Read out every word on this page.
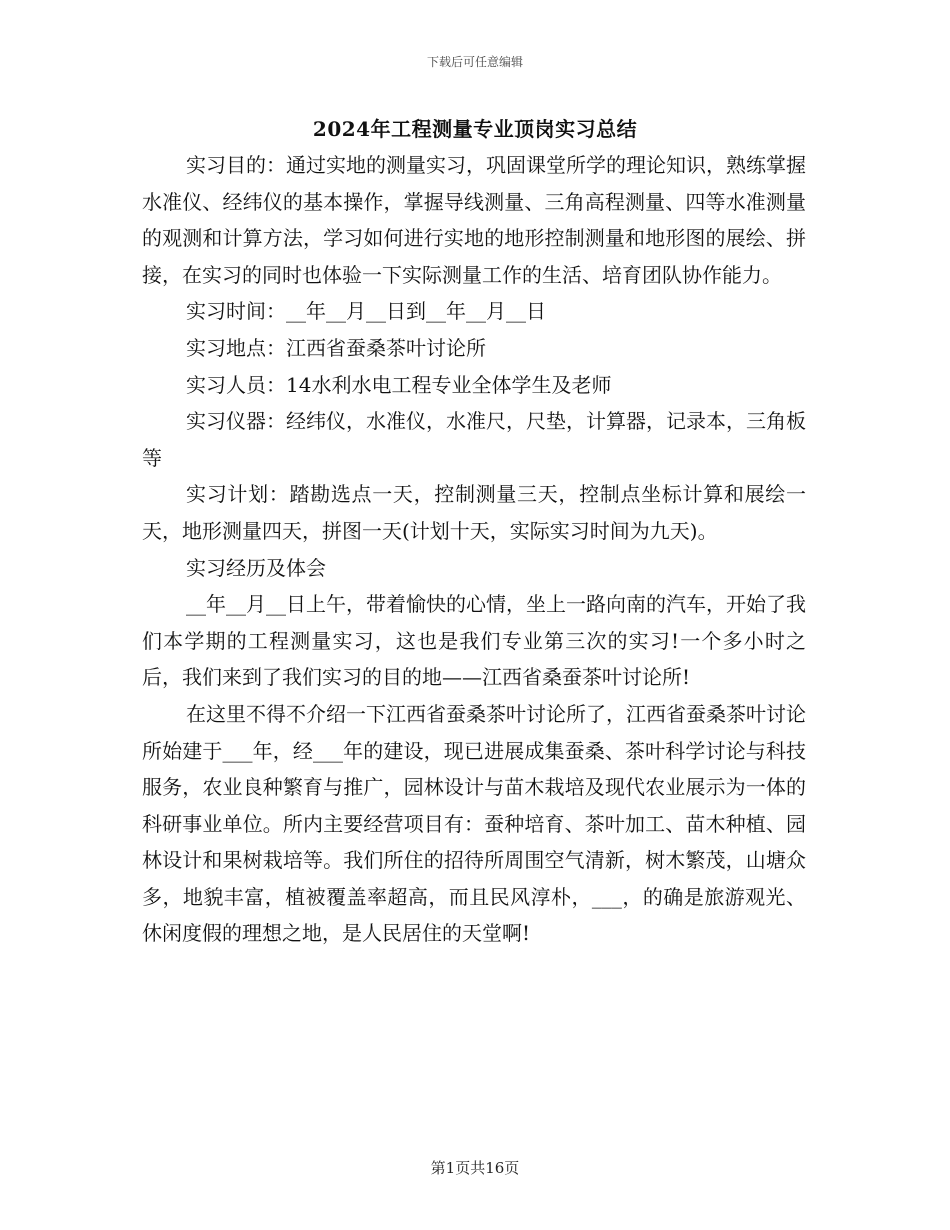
下载后可任意编辑
2024年工程测量专业顶岗实习总结

实习目的：通过实地的测量实习，巩固课堂所学的理论知识，熟练掌握水准仪、经纬仪的基本操作，掌握导线测量、三角高程测量、四等水准测量的观测和计算方法，学习如何进行实地的地形控制测量和地形图的展绘、拼接，在实习的同时也体验一下实际测量工作的生活、培育团队协作能力。

实习时间：__年__月__日到__年__月__日

实习地点：江西省蚕桑茶叶讨论所

实习人员：14水利水电工程专业全体学生及老师

实习仪器：经纬仪，水准仪，水准尺，尺垫，计算器，记录本，三角板等

实习计划：踏勘选点一天，控制测量三天，控制点坐标计算和展绘一天，地形测量四天，拼图一天(计划十天，实际实习时间为九天)。

实习经历及体会

__年__月__日上午，带着愉快的心情，坐上一路向南的汽车，开始了我们本学期的工程测量实习，这也是我们专业第三次的实习!一个多小时之后，我们来到了我们实习的目的地——江西省桑蚕茶叶讨论所!

在这里不得不介绍一下江西省蚕桑茶叶讨论所了，江西省蚕桑茶叶讨论所始建于___年，经___年的建设，现已进展成集蚕桑、茶叶科学讨论与科技服务，农业良种繁育与推广，园林设计与苗木栽培及现代农业展示为一体的科研事业单位。所内主要经营项目有：蚕种培育、茶叶加工、苗木种植、园林设计和果树栽培等。我们所住的招待所周围空气清新，树木繁茂，山塘众多，地貌丰富，植被覆盖率超高，而且民风淳朴，___，的确是旅游观光、休闲度假的理想之地，是人民居住的天堂啊!

第1页共16页
